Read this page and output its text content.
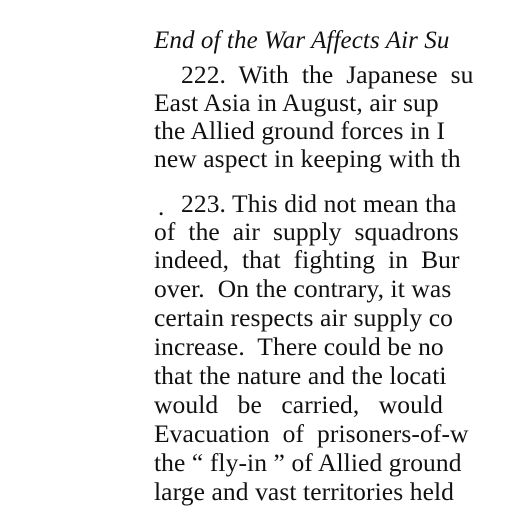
End of the War Affects Air Su
222.  With  the  Japanese  su
East Asia in August, air sup
the Allied ground forces in I
new aspect in keeping with th
. 223. This did not mean tha
of  the  air  supply  squadrons
indeed,  that  fighting  in  Bur
over.  On the contrary, it was
certain respects air supply co
increase.  There could be no
that the nature and the locati
would   be   carried,   would
Evacuation  of  prisoners-of-w
the “ fly-in ” of Allied ground
large and vast territories held
